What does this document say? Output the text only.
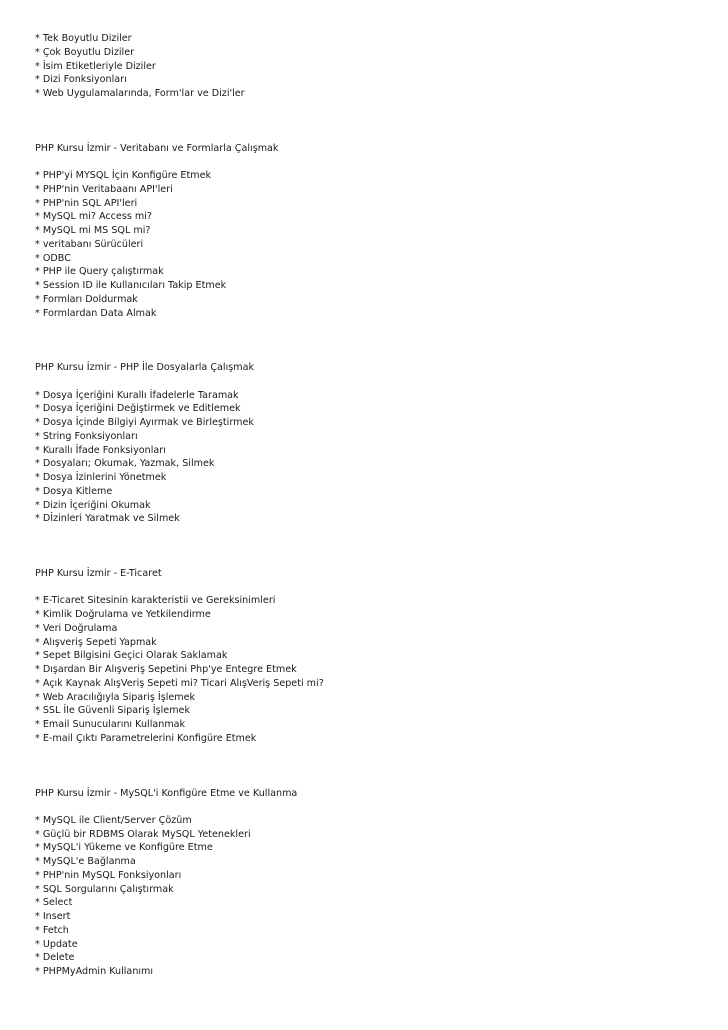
* Tek Boyutlu Diziler
* Çok Boyutlu Diziler
* İsim Etiketleriyle Diziler
* Dizi Fonksiyonları
* Web Uygulamalarında, Form'lar ve Dizi'ler
PHP Kursu İzmir - Veritabanı ve Formlarla Çalışmak
* PHP'yi MYSQL İçin Konfigüre Etmek
* PHP'nin Veritabaanı API'leri
* PHP'nin SQL API'leri
* MySQL mi? Access mi?
* MySQL mi MS SQL mi?
* veritabanı Sürücüleri
* ODBC
* PHP ile Query çalıştırmak
* Session ID ile Kullanıcıları Takip Etmek
* Formları Doldurmak
* Formlardan Data Almak
PHP Kursu İzmir - PHP İle Dosyalarla Çalışmak
* Dosya İçeriğini Kurallı İfadelerle Taramak
* Dosya İçeriğini Değiştirmek ve Editlemek
* Dosya İçinde Bilgiyi Ayırmak ve Birleştirmek
* String Fonksiyonları
* Kurallı İfade Fonksiyonları
* Dosyaları; Okumak, Yazmak, Silmek
* Dosya İzinlerini Yönetmek
* Dosya Kitleme
* Dizin İçeriğini Okumak
* Dİzinleri Yaratmak ve Silmek
PHP Kursu İzmir - E-Ticaret
* E-Ticaret Sitesinin karakteristii ve Gereksinimleri
* Kimlik Doğrulama ve Yetkilendirme
* Veri Doğrulama
* Alışveriş Sepeti Yapmak
* Sepet Bilgisini Geçici Olarak Saklamak
* Dışardan Bir Alışveriş Sepetini Php'ye Entegre Etmek
* Açık Kaynak AlışVeriş Sepeti mi? Ticari AlışVeriş Sepeti mi?
* Web Aracılığıyla Sipariş İşlemek
* SSL İle Güvenli Sipariş İşlemek
* Email Sunucularını Kullanmak
* E-mail Çıktı Parametrelerini Konfigüre Etmek
PHP Kursu İzmir - MySQL'i Konfigüre Etme ve Kullanma
* MySQL ile Client/Server Çözüm
* Güçlü bir RDBMS Olarak MySQL Yetenekleri
* MySQL'i Yükeme ve Konfigüre Etme
* MySQL'e Bağlanma
* PHP'nin MySQL Fonksiyonları
* SQL Sorgularını Çalıştırmak
* Select
* Insert
* Fetch
* Update
* Delete
* PHPMyAdmin Kullanımı
